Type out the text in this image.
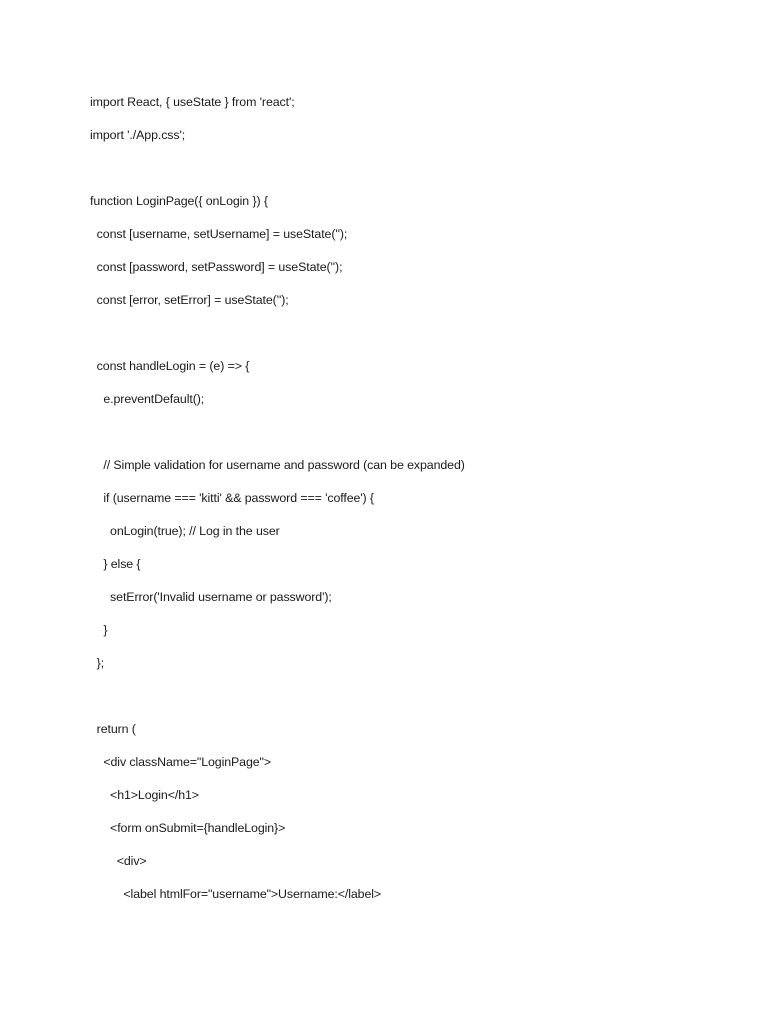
import React, { useState } from 'react';
import './App.css';
function LoginPage({ onLogin }) {
const [username, setUsername] = useState('');
const [password, setPassword] = useState('');
const [error, setError] = useState('');
const handleLogin = (e) => {
e.preventDefault();
// Simple validation for username and password (can be expanded)
if (username === 'kitti' && password === 'coffee') {
onLogin(true); // Log in the user
} else {
setError('Invalid username or password');
}
};
return (
<div className="LoginPage">
<h1>Login</h1>
<form onSubmit={handleLogin}>
<div>
<label htmlFor="username">Username:</label>
